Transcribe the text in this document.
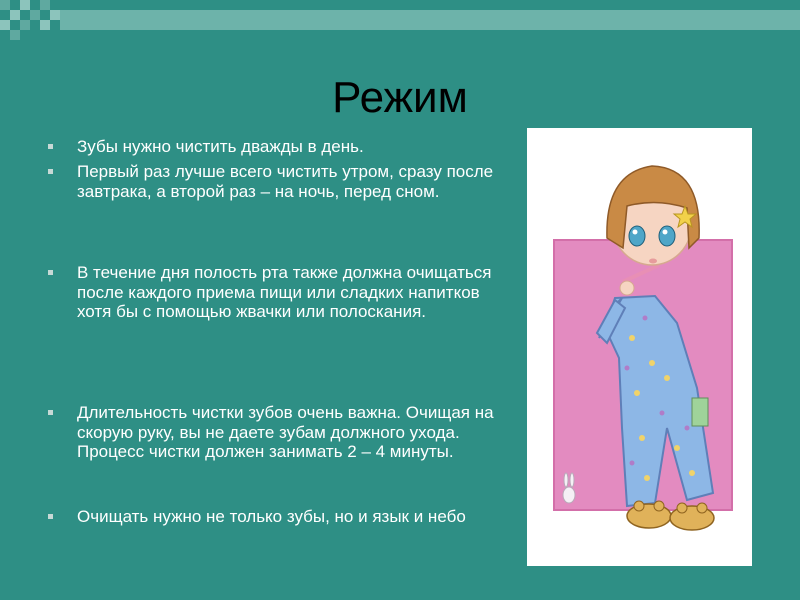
Режим
Зубы нужно чистить дважды в день.
Первый раз лучше всего чистить утром, сразу после завтрака, а второй раз – на ночь, перед сном.
В течение дня полость рта также должна очищаться после каждого приема пищи или сладких напитков хотя бы с помощью жвачки или полоскания.
Длительность чистки зубов очень важна. Очищая на скорую руку, вы не даете зубам должного ухода. Процесс чистки должен занимать 2 – 4 минуты.
Очищать нужно не только зубы, но и язык и небо
